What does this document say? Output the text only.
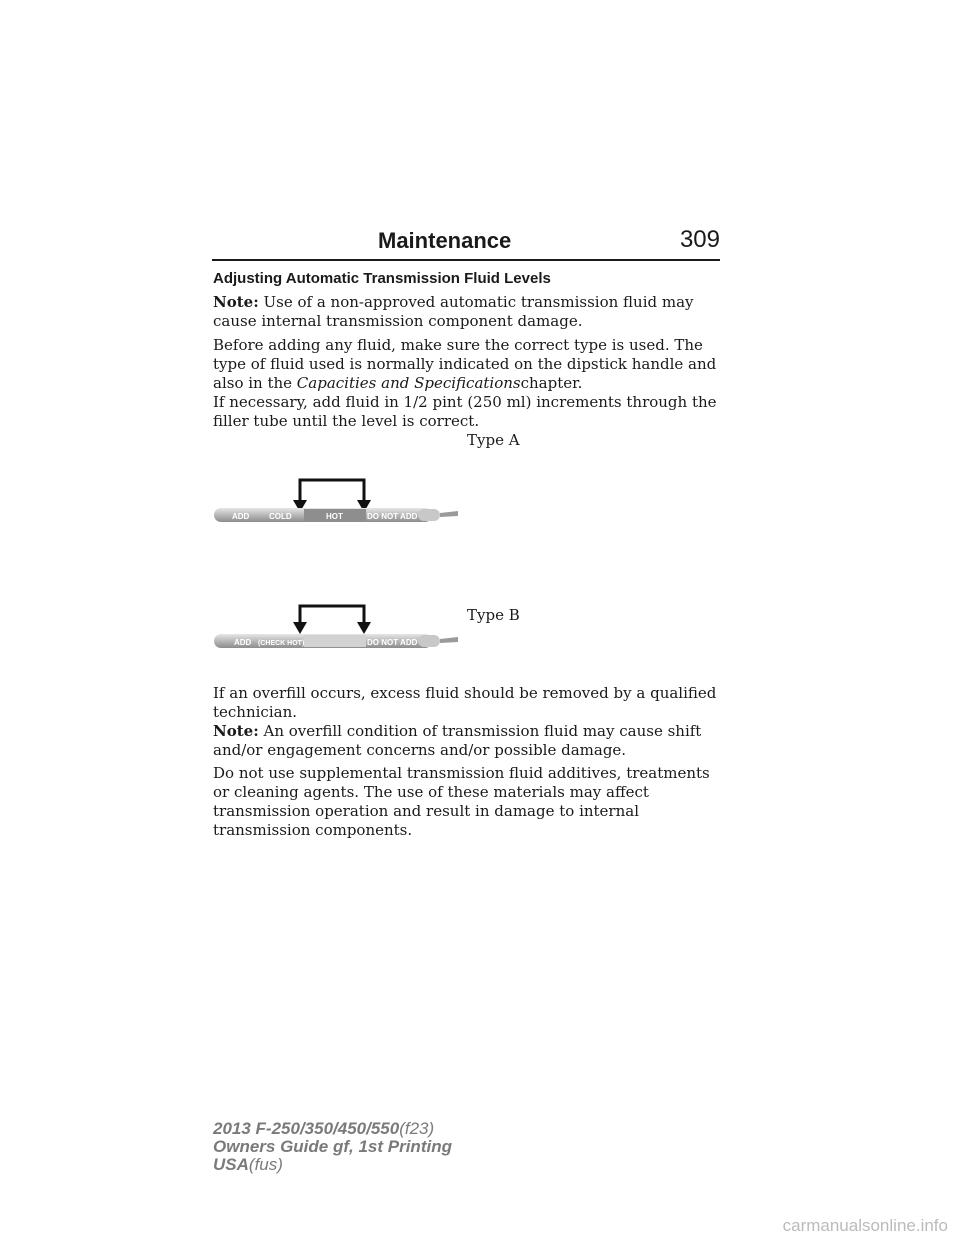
Maintenance	309
Adjusting Automatic Transmission Fluid Levels

Note: Use of a non-approved automatic transmission fluid may cause internal transmission component damage.

Before adding any fluid, make sure the correct type is used. The type of fluid used is normally indicated on the dipstick handle and also in the Capacities and Specificationschapter.

If necessary, add fluid in 1/2 pint (250 ml) increments through the filler tube until the level is correct.

Type A
ADD COLD	HOT	DO NOT ADD
Type B
ADD (CHECK HOT)	DO NOT ADD

If an overfill occurs, excess fluid should be removed by a qualified technician.

Note: An overfill condition of transmission fluid may cause shift and/or engagement concerns and/or possible damage.

Do not use supplemental transmission fluid additives, treatments or cleaning agents. The use of these materials may affect transmission operation and result in damage to internal transmission components.

2013 F-250/350/450/550(f23)
Owners Guide gf, 1st Printing
USA(fus)
carmanualsonline.info
